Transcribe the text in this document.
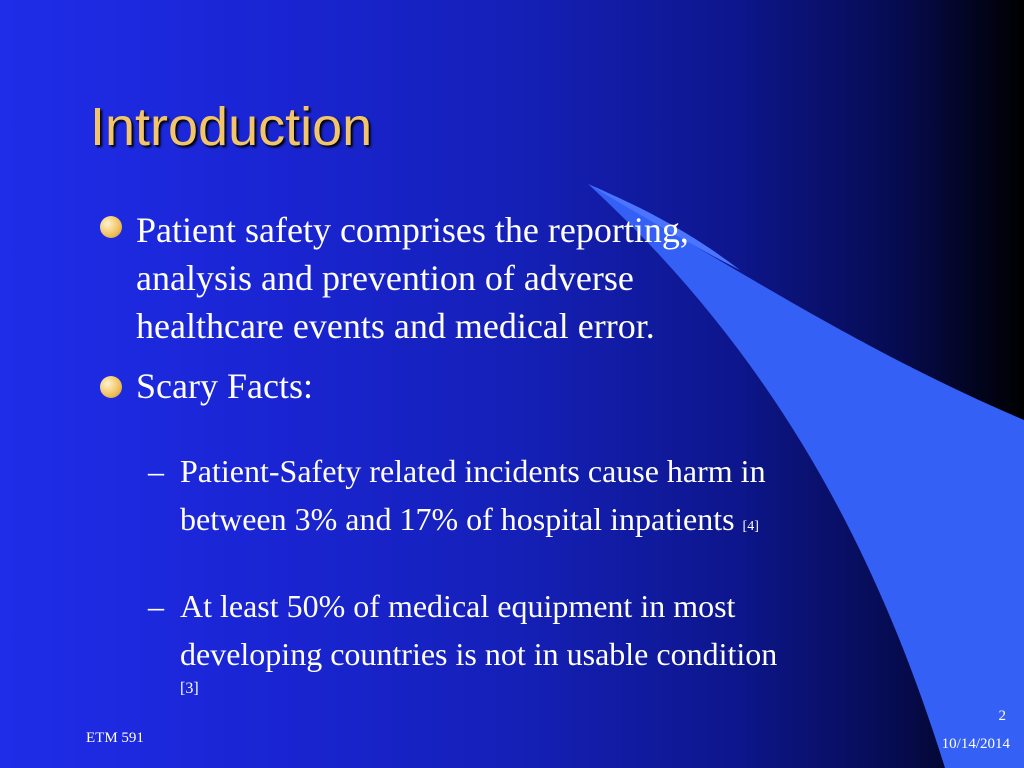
Introduction
Patient safety comprises the reporting,
analysis and prevention of adverse
healthcare events and medical error.
Scary Facts:
– Patient-Safety related incidents cause harm in
between 3% and 17% of hospital inpatients [4]
– At least 50% of medical equipment in most
developing countries is not in usable condition
[3]
ETM 591
2
10/14/2014
